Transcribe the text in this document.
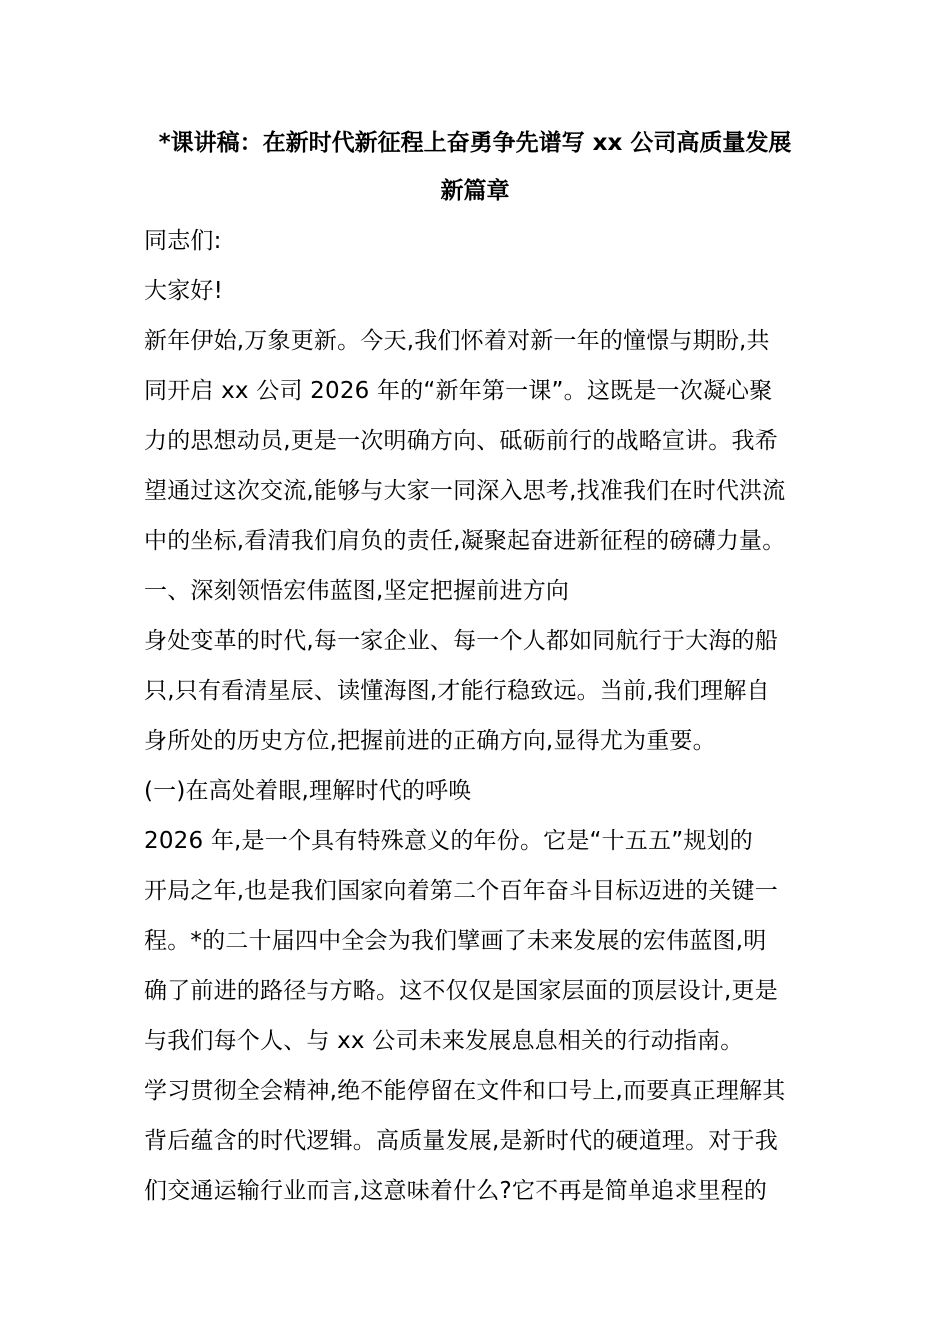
*课讲稿：在新时代新征程上奋勇争先谱写 xx 公司高质量发展
新篇章
同志们:
大家好!
新年伊始,万象更新。今天,我们怀着对新一年的憧憬与期盼,共
同开启 xx 公司 2026 年的“新年第一课”。这既是一次凝心聚
力的思想动员,更是一次明确方向、砥砺前行的战略宣讲。我希
望通过这次交流,能够与大家一同深入思考,找准我们在时代洪流
中的坐标,看清我们肩负的责任,凝聚起奋进新征程的磅礴力量。
一、深刻领悟宏伟蓝图,坚定把握前进方向
身处变革的时代,每一家企业、每一个人都如同航行于大海的船
只,只有看清星辰、读懂海图,才能行稳致远。当前,我们理解自
身所处的历史方位,把握前进的正确方向,显得尤为重要。
(一)在高处着眼,理解时代的呼唤
2026 年,是一个具有特殊意义的年份。它是“十五五”规划的
开局之年,也是我们国家向着第二个百年奋斗目标迈进的关键一
程。*的二十届四中全会为我们擘画了未来发展的宏伟蓝图,明
确了前进的路径与方略。这不仅仅是国家层面的顶层设计,更是
与我们每个人、与 xx 公司未来发展息息相关的行动指南。
学习贯彻全会精神,绝不能停留在文件和口号上,而要真正理解其
背后蕴含的时代逻辑。高质量发展,是新时代的硬道理。对于我
们交通运输行业而言,这意味着什么?它不再是简单追求里程的
